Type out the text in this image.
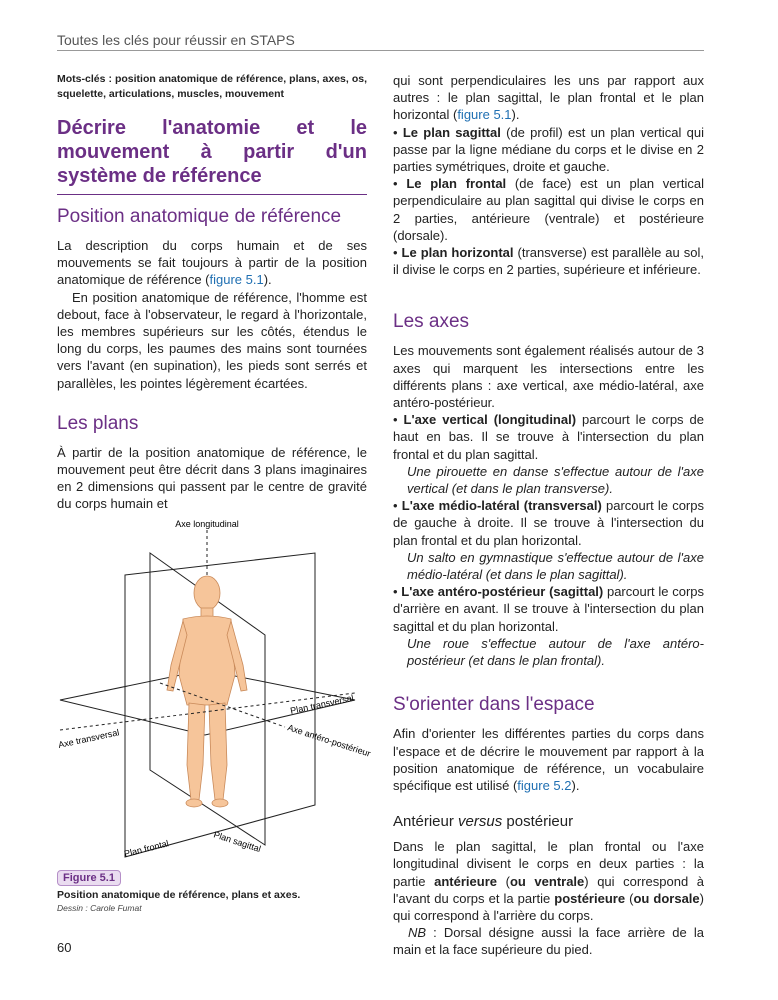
Toutes les clés pour réussir en STAPS

Mots-clés : position anatomique de référence, plans, axes, os, squelette, articulations, muscles, mouvement

Décrire l'anatomie et le mouvement à partir d'un système de référence
Position anatomique de référence

La description du corps humain et de ses mouvements se fait toujours à partir de la position anatomique de référence (figure 5.1).

En position anatomique de référence, l'homme est debout, face à l'observateur, le regard à l'horizontale, les membres supérieurs sur les côtés, étendus le long du corps, les paumes des mains sont tournées vers l'avant (en supination), les pieds sont serrés et parallèles, les pointes légèrement écartées.

Les plans

À partir de la position anatomique de référence, le mouvement peut être décrit dans 3 plans imaginaires en 2 dimensions qui passent par le centre de gravité du corps humain et

Axe longitudinal
Plan transversal
Axe transversal	Axe antéro-postérieur
Plan frontal	Plan sagittal
Figure 5.1
Position anatomique de référence, plans et axes.
Dessin : Carole Fumat

qui sont perpendiculaires les uns par rapport aux autres : le plan sagittal, le plan frontal et le plan horizontal (figure 5.1).

• Le plan sagittal (de profil) est un plan vertical qui passe par la ligne médiane du corps et le divise en 2 parties symétriques, droite et gauche.

• Le plan frontal (de face) est un plan vertical perpendiculaire au plan sagittal qui divise le corps en 2 parties, antérieure (ventrale) et postérieure (dorsale).

• Le plan horizontal (transverse) est parallèle au sol, il divise le corps en 2 parties, supérieure et inférieure.

Les axes

Les mouvements sont également réalisés autour de 3 axes qui marquent les intersections entre les différents plans : axe vertical, axe médio-latéral, axe antéro-postérieur.

• L'axe vertical (longitudinal) parcourt le corps de haut en bas. Il se trouve à l'intersection du plan frontal et du plan sagittal.

Une pirouette en danse s'effectue autour de l'axe vertical (et dans le plan transverse).

• L'axe médio-latéral (transversal) parcourt le corps de gauche à droite. Il se trouve à l'intersection du plan frontal et du plan horizontal.

Un salto en gymnastique s'effectue autour de l'axe médio-latéral (et dans le plan sagittal).

• L'axe antéro-postérieur (sagittal) parcourt le corps d'arrière en avant. Il se trouve à l'intersection du plan sagittal et du plan horizontal.

Une roue s'effectue autour de l'axe antéro-postérieur (et dans le plan frontal).

S'orienter dans l'espace

Afin d'orienter les différentes parties du corps dans l'espace et de décrire le mouvement par rapport à la position anatomique de référence, un vocabulaire spécifique est utilisé (figure 5.2).

Antérieur versus postérieur

Dans le plan sagittal, le plan frontal ou l'axe longitudinal divisent le corps en deux parties : la partie antérieure (ou ventrale) qui correspond à l'avant du corps et la partie postérieure (ou dorsale) qui correspond à l'arrière du corps.

NB : Dorsal désigne aussi la face arrière de la main et la face supérieure du pied.

60
